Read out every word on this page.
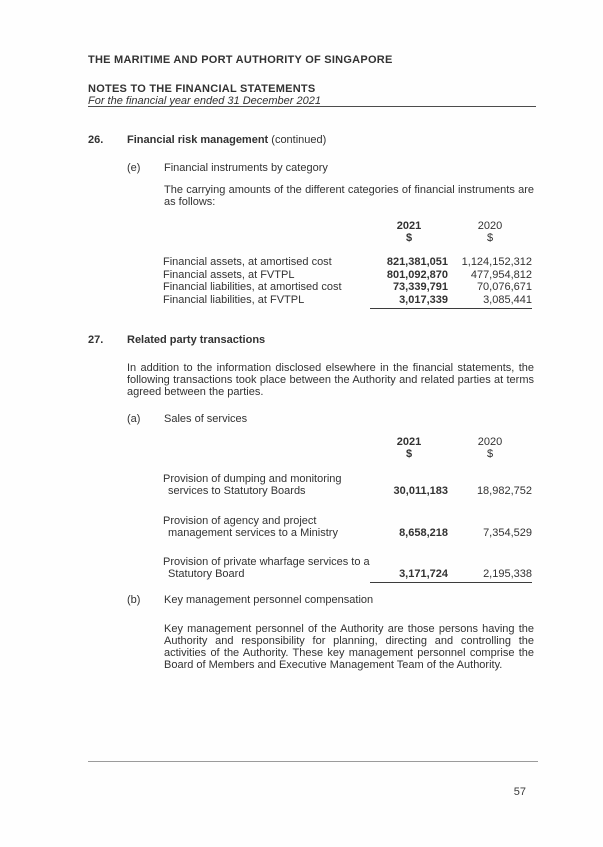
THE MARITIME AND PORT AUTHORITY OF SINGAPORE
NOTES TO THE FINANCIAL STATEMENTS
For the financial year ended 31 December 2021
26.	Financial risk management (continued)
(e)	Financial instruments by category
The carrying amounts of the different categories of financial instruments are as follows:
2021
$
2020
$
Financial assets, at amortised cost	821,381,051	1,124,152,312
Financial assets, at FVTPL	801,092,870	477,954,812
Financial liabilities, at amortised cost	73,339,791	70,076,671
Financial liabilities, at FVTPL	3,017,339	3,085,441
27.	Related party transactions
In addition to the information disclosed elsewhere in the financial statements, the following transactions took place between the Authority and related parties at terms agreed between the parties.
(a)	Sales of services
2021
$
2020
$
Provision of dumping and monitoring
services to Statutory Boards	30,011,183	18,982,752
Provision of agency and project
management services to a Ministry	8,658,218	7,354,529
Provision of private wharfage services to a
Statutory Board	3,171,724	2,195,338
(b)	Key management personnel compensation
Key management personnel of the Authority are those persons having the Authority and responsibility for planning, directing and controlling the activities of the Authority. These key management personnel comprise the Board of Members and Executive Management Team of the Authority.
57
